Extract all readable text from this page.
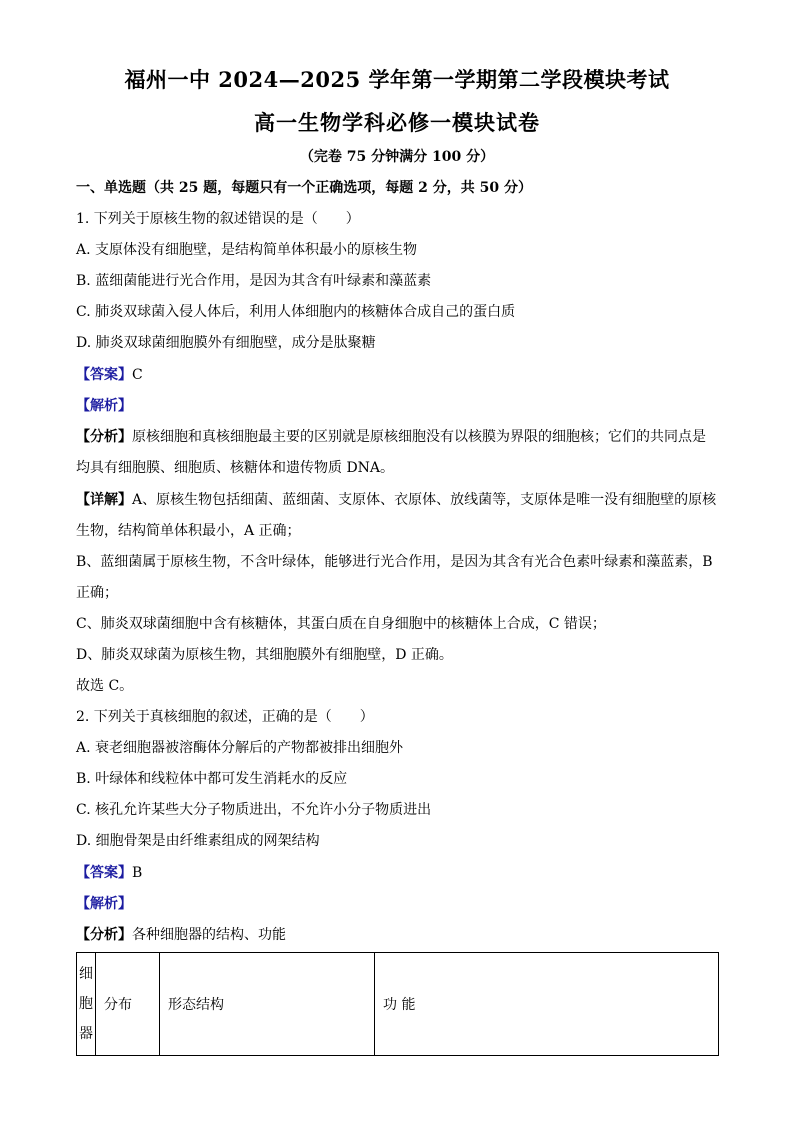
福州一中 2024—2025 学年第一学期第二学段模块考试
高一生物学科必修一模块试卷
（完卷 75 分钟满分 100 分）
一、单选题（共 25 题，每题只有一个正确选项，每题 2 分，共 50 分）
1. 下列关于原核生物的叙述错误的是（　　）
A. 支原体没有细胞壁，是结构简单体积最小的原核生物
B. 蓝细菌能进行光合作用，是因为其含有叶绿素和藻蓝素
C. 肺炎双球菌入侵人体后，利用人体细胞内的核糖体合成自己的蛋白质
D. 肺炎双球菌细胞膜外有细胞壁，成分是肽聚糖
【答案】C
【解析】
【分析】原核细胞和真核细胞最主要的区别就是原核细胞没有以核膜为界限的细胞核；它们的共同点是
均具有细胞膜、细胞质、核糖体和遗传物质 DNA。
【详解】A、原核生物包括细菌、蓝细菌、支原体、衣原体、放线菌等，支原体是唯一没有细胞壁的原核
生物，结构简单体积最小，A 正确；
B、蓝细菌属于原核生物，不含叶绿体，能够进行光合作用，是因为其含有光合色素叶绿素和藻蓝素，B
正确；
C、肺炎双球菌细胞中含有核糖体，其蛋白质在自身细胞中的核糖体上合成，C 错误；
D、肺炎双球菌为原核生物，其细胞膜外有细胞壁，D 正确。
故选 C。
2. 下列关于真核细胞的叙述，正确的是（　　）
A. 衰老细胞器被溶酶体分解后的产物都被排出细胞外
B. 叶绿体和线粒体中都可发生消耗水的反应
C. 核孔允许某些大分子物质进出，不允许小分子物质进出
D. 细胞骨架是由纤维素组成的网架结构
【答案】B
【解析】
【分析】各种细胞器的结构、功能
细
胞
器
	分布	形态结构	功 能
